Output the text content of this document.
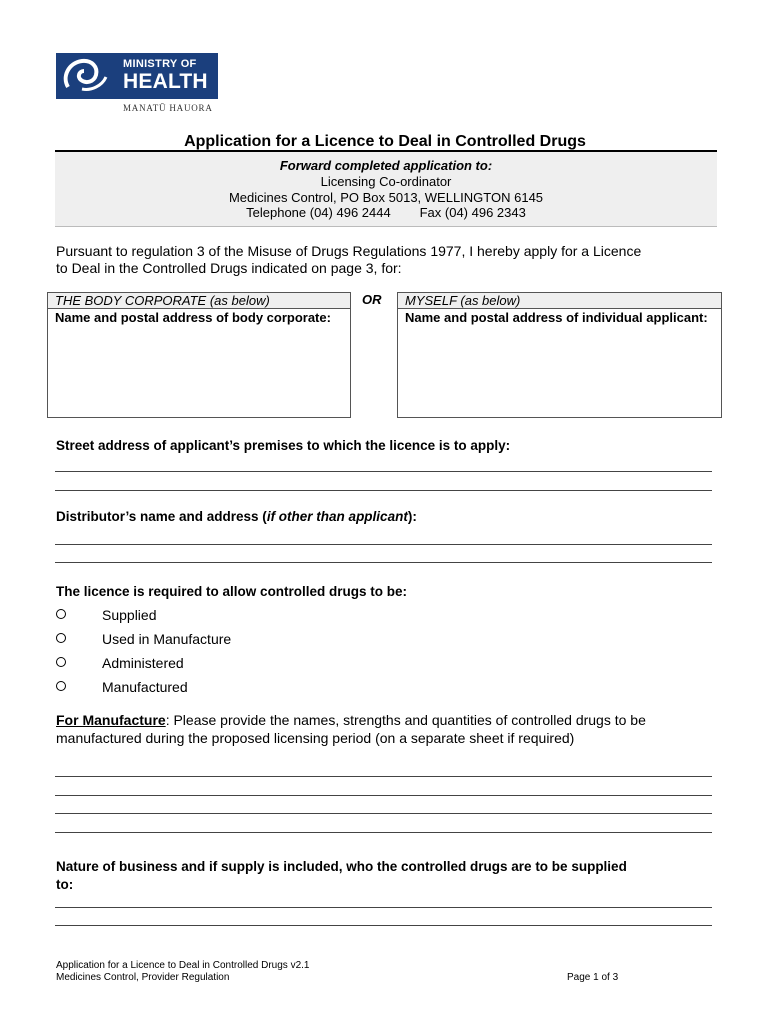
MINISTRY OF
HEALTH
MANATŪ HAUORA
Application for a Licence to Deal in Controlled Drugs
Forward completed application to:
Licensing Co-ordinator
Medicines Control, PO Box 5013, WELLINGTON 6145
Telephone (04) 496 2444        Fax (04) 496 2343
Pursuant to regulation 3 of the Misuse of Drugs Regulations 1977, I hereby apply for a Licence
to Deal in the Controlled Drugs indicated on page 3, for:
THE BODY CORPORATE (as below)
Name and postal address of body corporate:
OR	MYSELF (as below)
Name and postal address of individual applicant:
Street address of applicant’s premises to which the licence is to apply:
Distributor’s name and address (if other than applicant):
The licence is required to allow controlled drugs to be:
Supplied
Used in Manufacture
Administered
Manufactured
For Manufacture: Please provide the names, strengths and quantities of controlled drugs to be
manufactured during the proposed licensing period (on a separate sheet if required)
Nature of business and if supply is included, who the controlled drugs are to be supplied
to:
Application for a Licence to Deal in Controlled Drugs v2.1
Medicines Control, Provider Regulation	Page 1 of 3
